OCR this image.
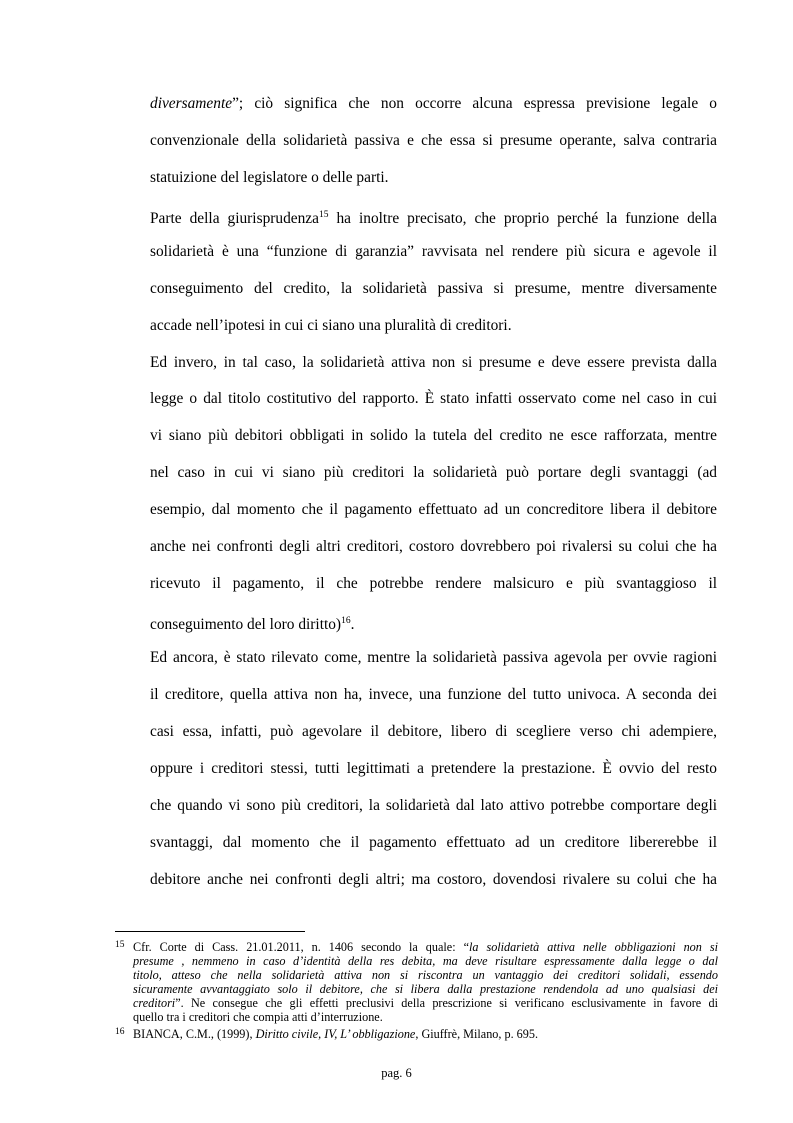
diversamente”; ciò significa che non occorre alcuna espressa previsione legale o
convenzionale della solidarietà passiva e che essa si presume operante, salva contraria
statuizione del legislatore o delle parti.
Parte della giurisprudenza$^{15}$ ha inoltre precisato, che proprio perché la funzione della
solidarietà è una “funzione di garanzia” ravvisata nel rendere più sicura e agevole il
conseguimento del credito, la solidarietà passiva si presume, mentre diversamente
accade nell’ipotesi in cui ci siano una pluralità di creditori.
Ed invero, in tal caso, la solidarietà attiva non si presume e deve essere prevista dalla
legge o dal titolo costitutivo del rapporto. È stato infatti osservato come nel caso in cui
vi siano più debitori obbligati in solido la tutela del credito ne esce rafforzata, mentre
nel caso in cui vi siano più creditori la solidarietà può portare degli svantaggi (ad
esempio, dal momento che il pagamento effettuato ad un concreditore libera il debitore
anche nei confronti degli altri creditori, costoro dovrebbero poi rivalersi su colui che ha
ricevuto il pagamento, il che potrebbe rendere malsicuro e più svantaggioso il
conseguimento del loro diritto)$^{16}$.
Ed ancora, è stato rilevato come, mentre la solidarietà passiva agevola per ovvie ragioni
il creditore, quella attiva non ha, invece, una funzione del tutto univoca. A seconda dei
casi essa, infatti, può agevolare il debitore, libero di scegliere verso chi adempiere,
oppure i creditori stessi, tutti legittimati a pretendere la prestazione. È ovvio del resto
che quando vi sono più creditori, la solidarietà dal lato attivo potrebbe comportare degli
svantaggi, dal momento che il pagamento effettuato ad un creditore libererebbe il
debitore anche nei confronti degli altri; ma costoro, dovendosi rivalere su colui che ha
15 Cfr. Corte di Cass. 21.01.2011, n. 1406 secondo la quale: “la solidarietà attiva nelle obbligazioni non si
presume , nemmeno in caso d’identità della res debita, ma deve risultare espressamente dalla legge o dal
titolo, atteso che nella solidarietà attiva non si riscontra un vantaggio dei creditori solidali, essendo
sicuramente avvantaggiato solo il debitore, che si libera dalla prestazione rendendola ad uno qualsiasi dei
creditori”. Ne consegue che gli effetti preclusivi della prescrizione si verificano esclusivamente in favore di
quello tra i creditori che compia atti d’interruzione.
16 BIANCA, C.M., (1999), Diritto civile, IV, L’ obbligazione, Giuffrè, Milano, p. 695.
pag. 6
